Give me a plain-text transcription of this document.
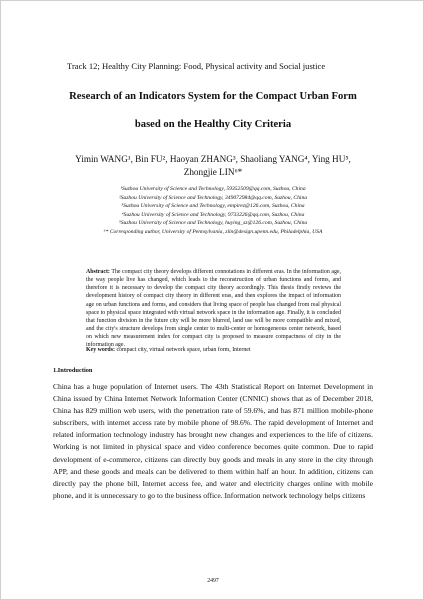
Track 12; Healthy City Planning: Food, Physical activity and Social justice
Research of an Indicators System for the Compact Urban Form
based on the Healthy City Criteria
Yimin WANG¹, Bin FU², Haoyan ZHANG³, Shaoliang YANG⁴, Ying HU⁵,
Zhongjie LIN⁶*
¹Suzhou University of Science and Technology, 59352509@qq.com, Suzhou, China
²Suzhou University of Science and Technology, 349072984@qq.com, Suzhou, China
³Suzhou University of Science and Technology, empirez@126.com, Suzhou, China
⁴Suzhou University of Science and Technology, 9733226@qq.com, Suzhou, China
⁵Suzhou University of Science and Technology, huying_sz@126.com, Suzhou, China
⁶* Corresponding author, University of Pennsylvania, zlin@design.upenn.edu, Philadelphia, USA
Abstract: The compact city theory develops different connotations in different eras. In the information age, the way people live has changed, which leads to the reconstruction of urban functions and forms, and therefore it is necessary to develop the compact city theory accordingly. This thesis firstly reviews the development history of compact city theory in different eras, and then explores the impact of information age on urban functions and forms, and considers that living space of people has changed from real physical space to physical space integrated with virtual network space in the information age. Finally, it is concluded that function division in the future city will be more blurred, land use will be more compatible and mixed, and the city's structure develops from single center to multi-center or homogeneous center network, based on which new measurement index for compact city is proposed to measure compactness of city in the information age.
Key words: compact city, virtual network space, urban form, Internet
1.Introduction
China has a huge population of Internet users. The 43th Statistical Report on Internet Development in China issued by China Internet Network Information Center (CNNIC) shows that as of December 2018, China has 829 million web users, with the penetration rate of 59.6%, and has 871 million mobile-phone subscribers, with internet access rate by mobile phone of 98.6%. The rapid development of Internet and related information technology industry has brought new changes and experiences to the life of citizens. Working is not limited in physical space and video conference becomes quite common. Due to rapid development of e-commerce, citizens can directly buy goods and meals in any store in the city through APP, and these goods and meals can be delivered to them within half an hour. In addition, citizens can directly pay the phone bill, Internet access fee, and water and electricity charges online with mobile phone, and it is unnecessary to go to the business office. Information network technology helps citizens
2497
